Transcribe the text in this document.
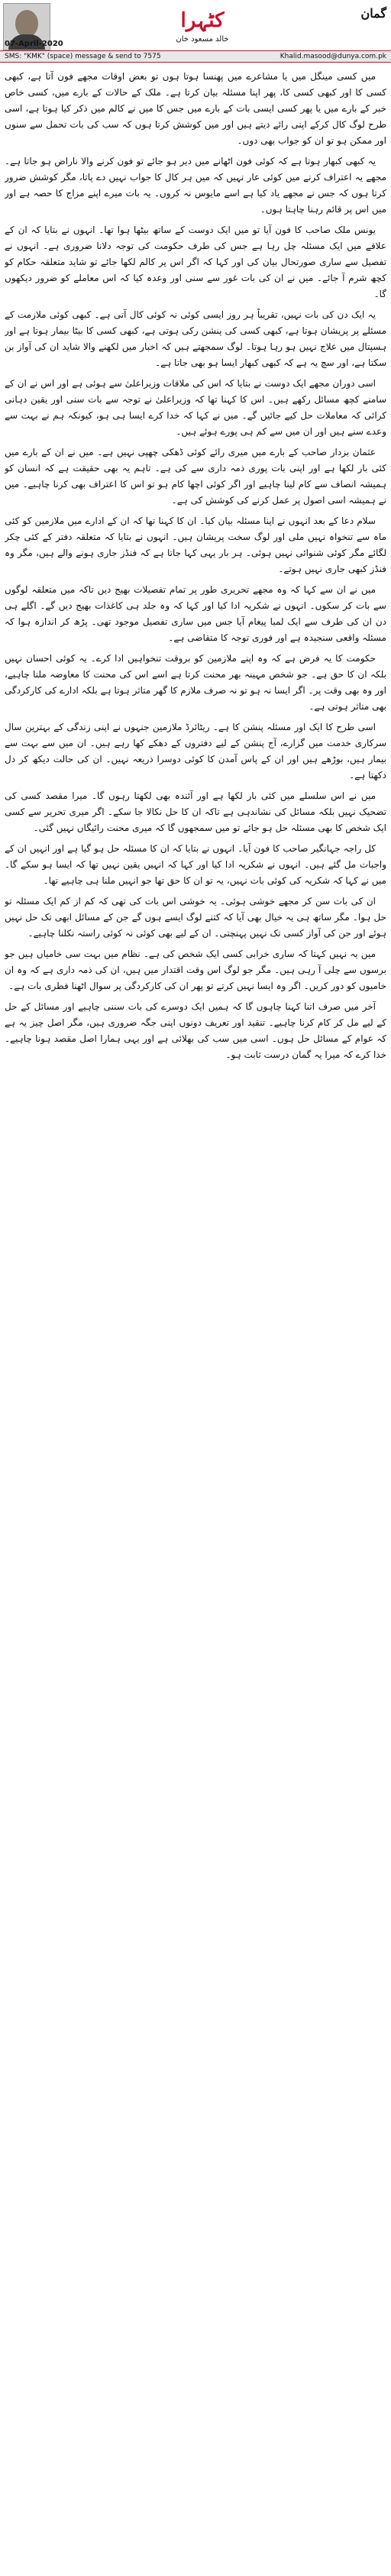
07-April-2020
کٹہرا
خالد مسعود خان
گمان
SMS: "KMK" (space) message & send to 7575	Khalid.masood@dunya.com.pk

میں کسی مینگل میں یا مشاعرے میں پھنسا ہوتا ہوں تو بعض اوقات مجھے فون آتا ہے، کبھی کسی کا اور کبھی کسی کا، پھر اپنا مسئلہ بیان کرتا ہے۔ ملک کے حالات کے بارے میں، کسی خاص خبر کے بارے میں یا پھر کسی ایسی بات کے بارے میں جس کا میں نے کالم میں ذکر کیا ہوتا ہے، اسی طرح لوگ کال کرکے اپنی رائے دیتے ہیں اور میں کوشش کرتا ہوں کہ سب کی بات تحمل سے سنوں اور ممکن ہو تو ان کو جواب بھی دوں۔

یہ کبھی کبھار ہوتا ہے کہ کوئی فون اٹھانے میں دیر ہو جائے تو فون کرنے والا ناراض ہو جاتا ہے۔ مجھے یہ اعتراف کرنے میں کوئی عار نہیں کہ میں ہر کال کا جواب نہیں دے پاتا، مگر کوشش ضرور کرتا ہوں کہ جس نے مجھے یاد کیا ہے اسے مایوس نہ کروں۔ یہ بات میرے اپنے مزاج کا حصہ ہے اور میں اس پر قائم رہنا چاہتا ہوں۔

یونس ملک صاحب کا فون آیا تو میں ایک دوست کے ساتھ بیٹھا ہوا تھا۔ انہوں نے بتایا کہ ان کے علاقے میں ایک مسئلہ چل رہا ہے جس کی طرف حکومت کی توجہ دلانا ضروری ہے۔ انہوں نے تفصیل سے ساری صورتحال بیان کی اور کہا کہ اگر اس پر کالم لکھا جائے تو شاید متعلقہ حکام کو کچھ شرم آ جائے۔ میں نے ان کی بات غور سے سنی اور وعدہ کیا کہ اس معاملے کو ضرور دیکھوں گا۔

یہ ایک دن کی بات نہیں، تقریباً ہر روز ایسی کوئی نہ کوئی کال آتی ہے۔ کبھی کوئی ملازمت کے مسئلے پر پریشان ہوتا ہے، کبھی کسی کی پنشن رکی ہوتی ہے، کبھی کسی کا بیٹا بیمار ہوتا ہے اور ہسپتال میں علاج نہیں ہو رہا ہوتا۔ لوگ سمجھتے ہیں کہ اخبار میں لکھنے والا شاید ان کی آواز بن سکتا ہے، اور سچ یہ ہے کہ کبھی کبھار ایسا ہو بھی جاتا ہے۔

اسی دوران مجھے ایک دوست نے بتایا کہ اس کی ملاقات وزیراعلیٰ سے ہوئی ہے اور اس نے ان کے سامنے کچھ مسائل رکھے ہیں۔ اس کا کہنا تھا کہ وزیراعلیٰ نے توجہ سے بات سنی اور یقین دہانی کرائی کہ معاملات حل کیے جائیں گے۔ میں نے کہا کہ خدا کرے ایسا ہی ہو، کیونکہ ہم نے بہت سے وعدے سنے ہیں اور ان میں سے کم ہی پورے ہوئے ہیں۔

عثمان بزدار صاحب کے بارے میں میری رائے کوئی ڈھکی چھپی نہیں ہے۔ میں نے ان کے بارے میں کئی بار لکھا ہے اور اپنی بات پوری ذمہ داری سے کی ہے۔ تاہم یہ بھی حقیقت ہے کہ انسان کو ہمیشہ انصاف سے کام لینا چاہیے اور اگر کوئی اچھا کام ہو تو اس کا اعتراف بھی کرنا چاہیے۔ میں نے ہمیشہ اسی اصول پر عمل کرنے کی کوشش کی ہے۔

سلام دعا کے بعد انہوں نے اپنا مسئلہ بیان کیا۔ ان کا کہنا تھا کہ ان کے ادارے میں ملازمین کو کئی ماہ سے تنخواہ نہیں ملی اور لوگ سخت پریشان ہیں۔ انہوں نے بتایا کہ متعلقہ دفتر کے کئی چکر لگائے مگر کوئی شنوائی نہیں ہوئی۔ ہر بار یہی کہا جاتا ہے کہ فنڈز جاری ہونے والے ہیں، مگر وہ فنڈز کبھی جاری نہیں ہوتے۔

میں نے ان سے کہا کہ وہ مجھے تحریری طور پر تمام تفصیلات بھیج دیں تاکہ میں متعلقہ لوگوں سے بات کر سکوں۔ انہوں نے شکریہ ادا کیا اور کہا کہ وہ جلد ہی کاغذات بھیج دیں گے۔ اگلے ہی دن ان کی طرف سے ایک لمبا پیغام آیا جس میں ساری تفصیل موجود تھی۔ پڑھ کر اندازہ ہوا کہ مسئلہ واقعی سنجیدہ ہے اور فوری توجہ کا متقاضی ہے۔

حکومت کا یہ فرض ہے کہ وہ اپنے ملازمین کو بروقت تنخواہیں ادا کرے۔ یہ کوئی احسان نہیں بلکہ ان کا حق ہے۔ جو شخص مہینہ بھر محنت کرتا ہے اسے اس کی محنت کا معاوضہ ملنا چاہیے، اور وہ بھی وقت پر۔ اگر ایسا نہ ہو تو نہ صرف ملازم کا گھر متاثر ہوتا ہے بلکہ ادارے کی کارکردگی بھی متاثر ہوتی ہے۔

اسی طرح کا ایک اور مسئلہ پنشن کا ہے۔ ریٹائرڈ ملازمین جنہوں نے اپنی زندگی کے بہترین سال سرکاری خدمت میں گزارے، آج پنشن کے لیے دفتروں کے دھکے کھا رہے ہیں۔ ان میں سے بہت سے بیمار ہیں، بوڑھے ہیں اور ان کے پاس آمدن کا کوئی دوسرا ذریعہ نہیں۔ ان کی حالت دیکھ کر دل دکھتا ہے۔

میں نے اس سلسلے میں کئی بار لکھا ہے اور آئندہ بھی لکھتا رہوں گا۔ میرا مقصد کسی کی تضحیک نہیں بلکہ مسائل کی نشاندہی ہے تاکہ ان کا حل نکالا جا سکے۔ اگر میری تحریر سے کسی ایک شخص کا بھی مسئلہ حل ہو جائے تو میں سمجھوں گا کہ میری محنت رائیگاں نہیں گئی۔

کل راجہ جہانگیر صاحب کا فون آیا۔ انہوں نے بتایا کہ ان کا مسئلہ حل ہو گیا ہے اور انہیں ان کے واجبات مل گئے ہیں۔ انہوں نے شکریہ ادا کیا اور کہا کہ انہیں یقین نہیں تھا کہ ایسا ہو سکے گا۔ میں نے کہا کہ شکریہ کی کوئی بات نہیں، یہ تو ان کا حق تھا جو انہیں ملنا ہی چاہیے تھا۔

ان کی بات سن کر مجھے خوشی ہوئی۔ یہ خوشی اس بات کی تھی کہ کم از کم ایک مسئلہ تو حل ہوا۔ مگر ساتھ ہی یہ خیال بھی آیا کہ کتنے لوگ ایسے ہوں گے جن کے مسائل ابھی تک حل نہیں ہوئے اور جن کی آواز کسی تک نہیں پہنچتی۔ ان کے لیے بھی کوئی نہ کوئی راستہ نکلنا چاہیے۔

میں یہ نہیں کہتا کہ ساری خرابی کسی ایک شخص کی ہے۔ نظام میں بہت سی خامیاں ہیں جو برسوں سے چلی آ رہی ہیں۔ مگر جو لوگ اس وقت اقتدار میں ہیں، ان کی ذمہ داری ہے کہ وہ ان خامیوں کو دور کریں۔ اگر وہ ایسا نہیں کرتے تو پھر ان کی کارکردگی پر سوال اٹھنا فطری بات ہے۔

آخر میں صرف اتنا کہنا چاہوں گا کہ ہمیں ایک دوسرے کی بات سننی چاہیے اور مسائل کے حل کے لیے مل کر کام کرنا چاہیے۔ تنقید اور تعریف دونوں اپنی جگہ ضروری ہیں، مگر اصل چیز یہ ہے کہ عوام کے مسائل حل ہوں۔ اسی میں سب کی بھلائی ہے اور یہی ہمارا اصل مقصد ہونا چاہیے۔ خدا کرے کہ میرا یہ گمان درست ثابت ہو۔
